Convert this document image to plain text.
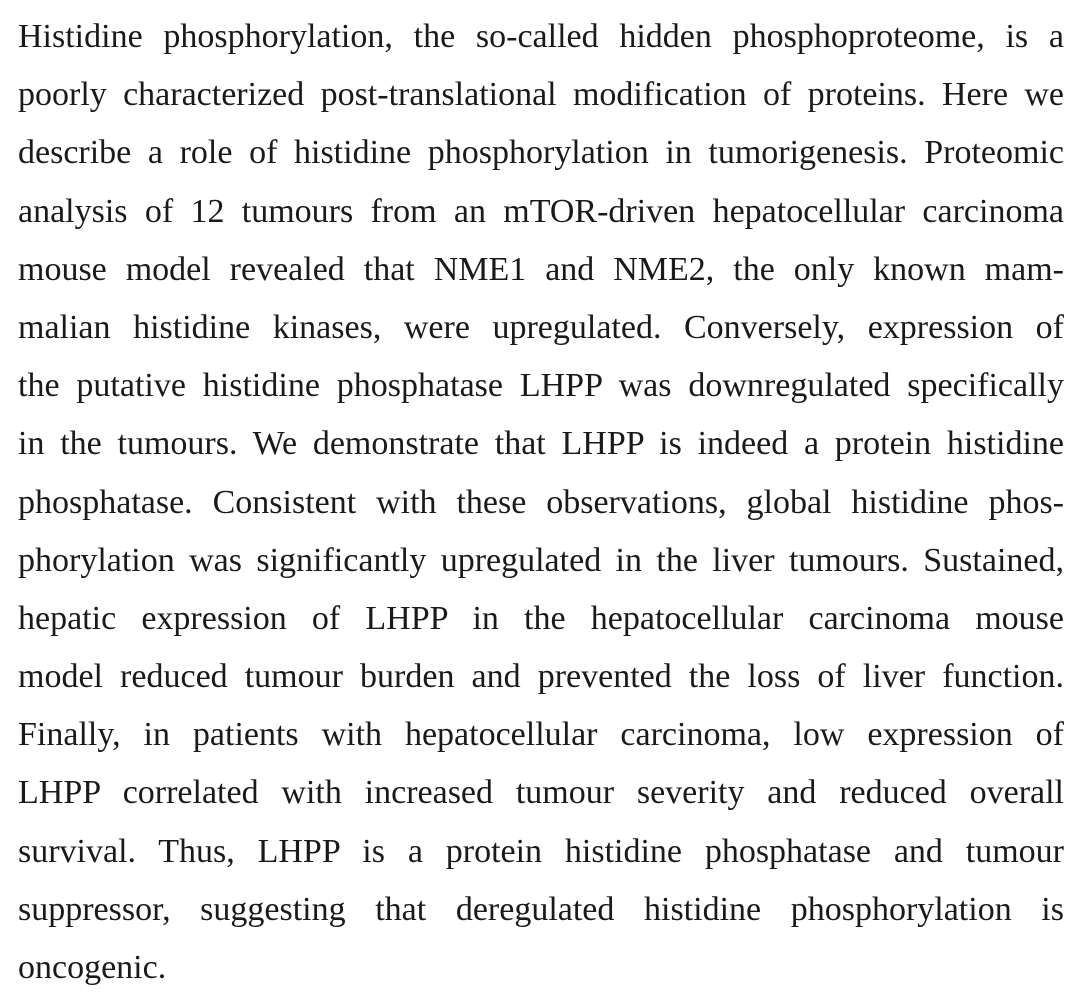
Histidine phosphorylation, the so-called hidden phosphoproteome, is a
poorly characterized post-translational modification of proteins. Here we
describe a role of histidine phosphorylation in tumorigenesis. Proteomic
analysis of 12 tumours from an mTOR-driven hepatocellular carcinoma
mouse model revealed that NME1 and NME2, the only known mam-
malian histidine kinases, were upregulated. Conversely, expression of
the putative histidine phosphatase LHPP was downregulated specifically
in the tumours. We demonstrate that LHPP is indeed a protein histidine
phosphatase. Consistent with these observations, global histidine phos-
phorylation was significantly upregulated in the liver tumours. Sustained,
hepatic expression of LHPP in the hepatocellular carcinoma mouse
model reduced tumour burden and prevented the loss of liver function.
Finally, in patients with hepatocellular carcinoma, low expression of
LHPP correlated with increased tumour severity and reduced overall
survival. Thus, LHPP is a protein histidine phosphatase and tumour
suppressor, suggesting that deregulated histidine phosphorylation is
oncogenic.
